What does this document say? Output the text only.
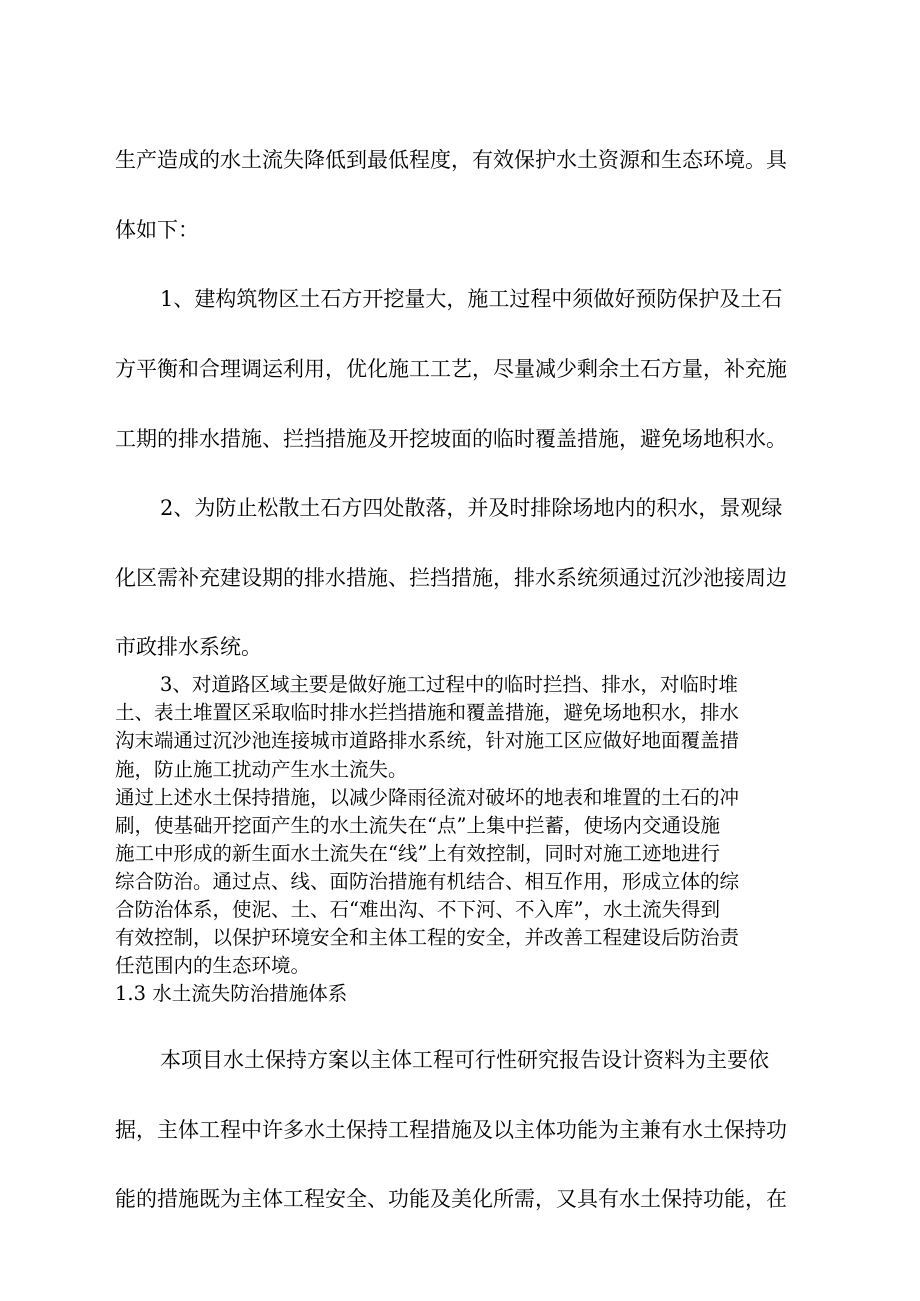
生产造成的水土流失降低到最低程度，有效保护水土资源和生态环境。具
体如下：
1、建构筑物区土石方开挖量大，施工过程中须做好预防保护及土石
方平衡和合理调运利用，优化施工工艺，尽量减少剩余土石方量，补充施
工期的排水措施、拦挡措施及开挖坡面的临时覆盖措施，避免场地积水。
2、为防止松散土石方四处散落，并及时排除场地内的积水，景观绿
化区需补充建设期的排水措施、拦挡措施，排水系统须通过沉沙池接周边
市政排水系统。
3、对道路区域主要是做好施工过程中的临时拦挡、排水，对临时堆
土、表土堆置区采取临时排水拦挡措施和覆盖措施，避免场地积水，排水
沟末端通过沉沙池连接城市道路排水系统，针对施工区应做好地面覆盖措
施，防止施工扰动产生水土流失。
通过上述水土保持措施，以减少降雨径流对破坏的地表和堆置的土石的冲
刷，使基础开挖面产生的水土流失在“点”上集中拦蓄，使场内交通设施
施工中形成的新生面水土流失在“线”上有效控制，同时对施工迹地进行
综合防治。通过点、线、面防治措施有机结合、相互作用，形成立体的综
合防治体系，使泥、土、石“难出沟、不下河、不入库”，水土流失得到
有效控制，以保护环境安全和主体工程的安全，并改善工程建设后防治责
任范围内的生态环境。
1.3 水土流失防治措施体系
本项目水土保持方案以主体工程可行性研究报告设计资料为主要依
据，主体工程中许多水土保持工程措施及以主体功能为主兼有水土保持功
能的措施既为主体工程安全、功能及美化所需，又具有水土保持功能，在
